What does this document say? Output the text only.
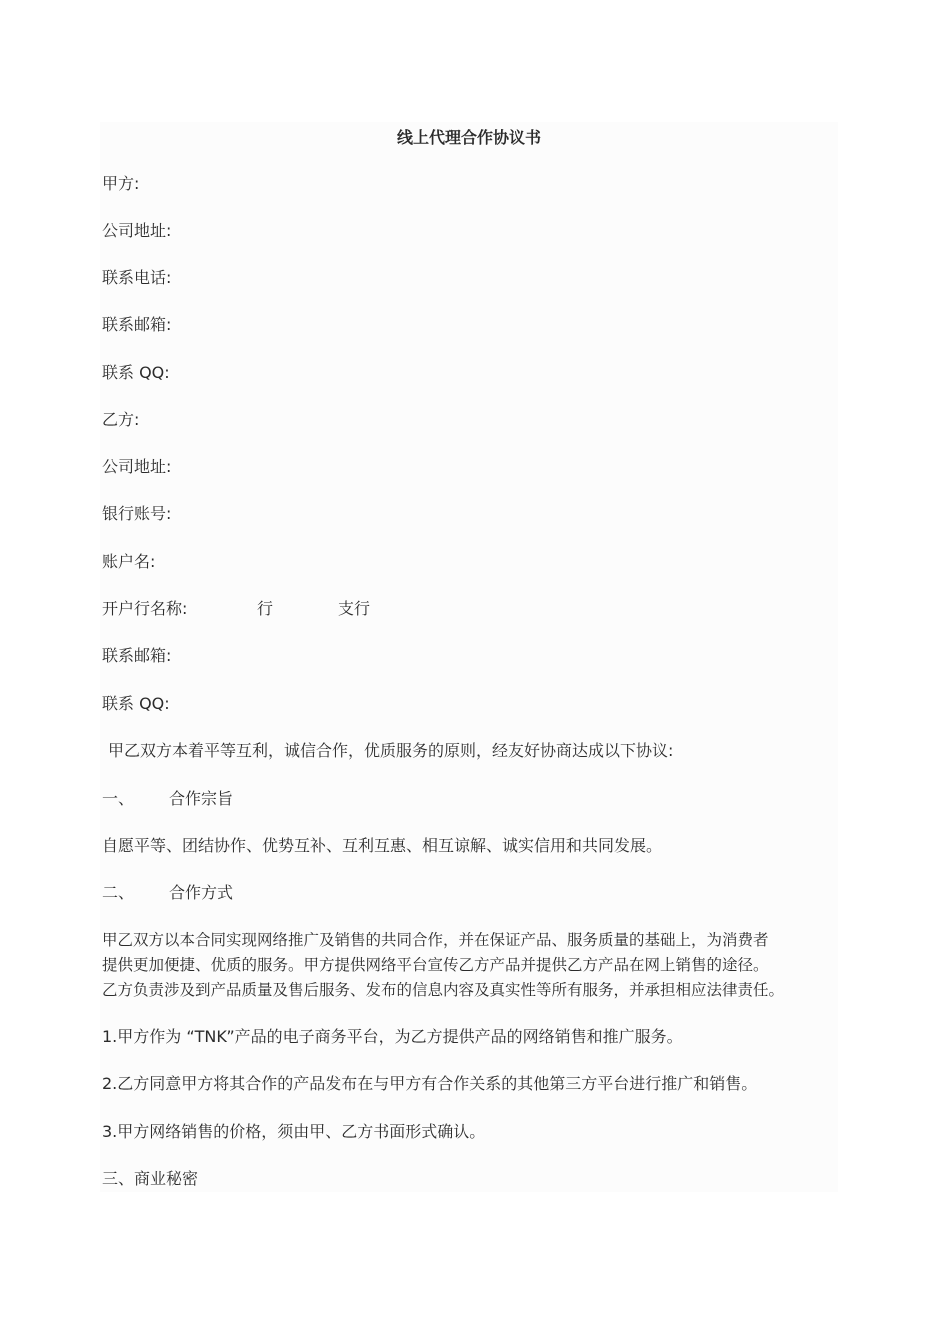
线上代理合作协议书
甲方:
公司地址:
联系电话:
联系邮箱:
联系 QQ:
乙方:
公司地址:
银行账号:
账户名:
开户行名称:	行	支行
联系邮箱:
联系 QQ:
甲乙双方本着平等互利，诚信合作，优质服务的原则，经友好协商达成以下协议:
一、 合作宗旨
自愿平等、团结协作、优势互补、互利互惠、相互谅解、诚实信用和共同发展。
二、 合作方式
甲乙双方以本合同实现网络推广及销售的共同合作，并在保证产品、服务质量的基础上，为消费者
提供更加便捷、优质的服务。甲方提供网络平台宣传乙方产品并提供乙方产品在网上销售的途径。
乙方负责涉及到产品质量及售后服务、发布的信息内容及真实性等所有服务，并承担相应法律责任。
1.甲方作为 “TNK”产品的电子商务平台，为乙方提供产品的网络销售和推广服务。
2.乙方同意甲方将其合作的产品发布在与甲方有合作关系的其他第三方平台进行推广和销售。
3.甲方网络销售的价格，须由甲、乙方书面形式确认。
三、商业秘密
